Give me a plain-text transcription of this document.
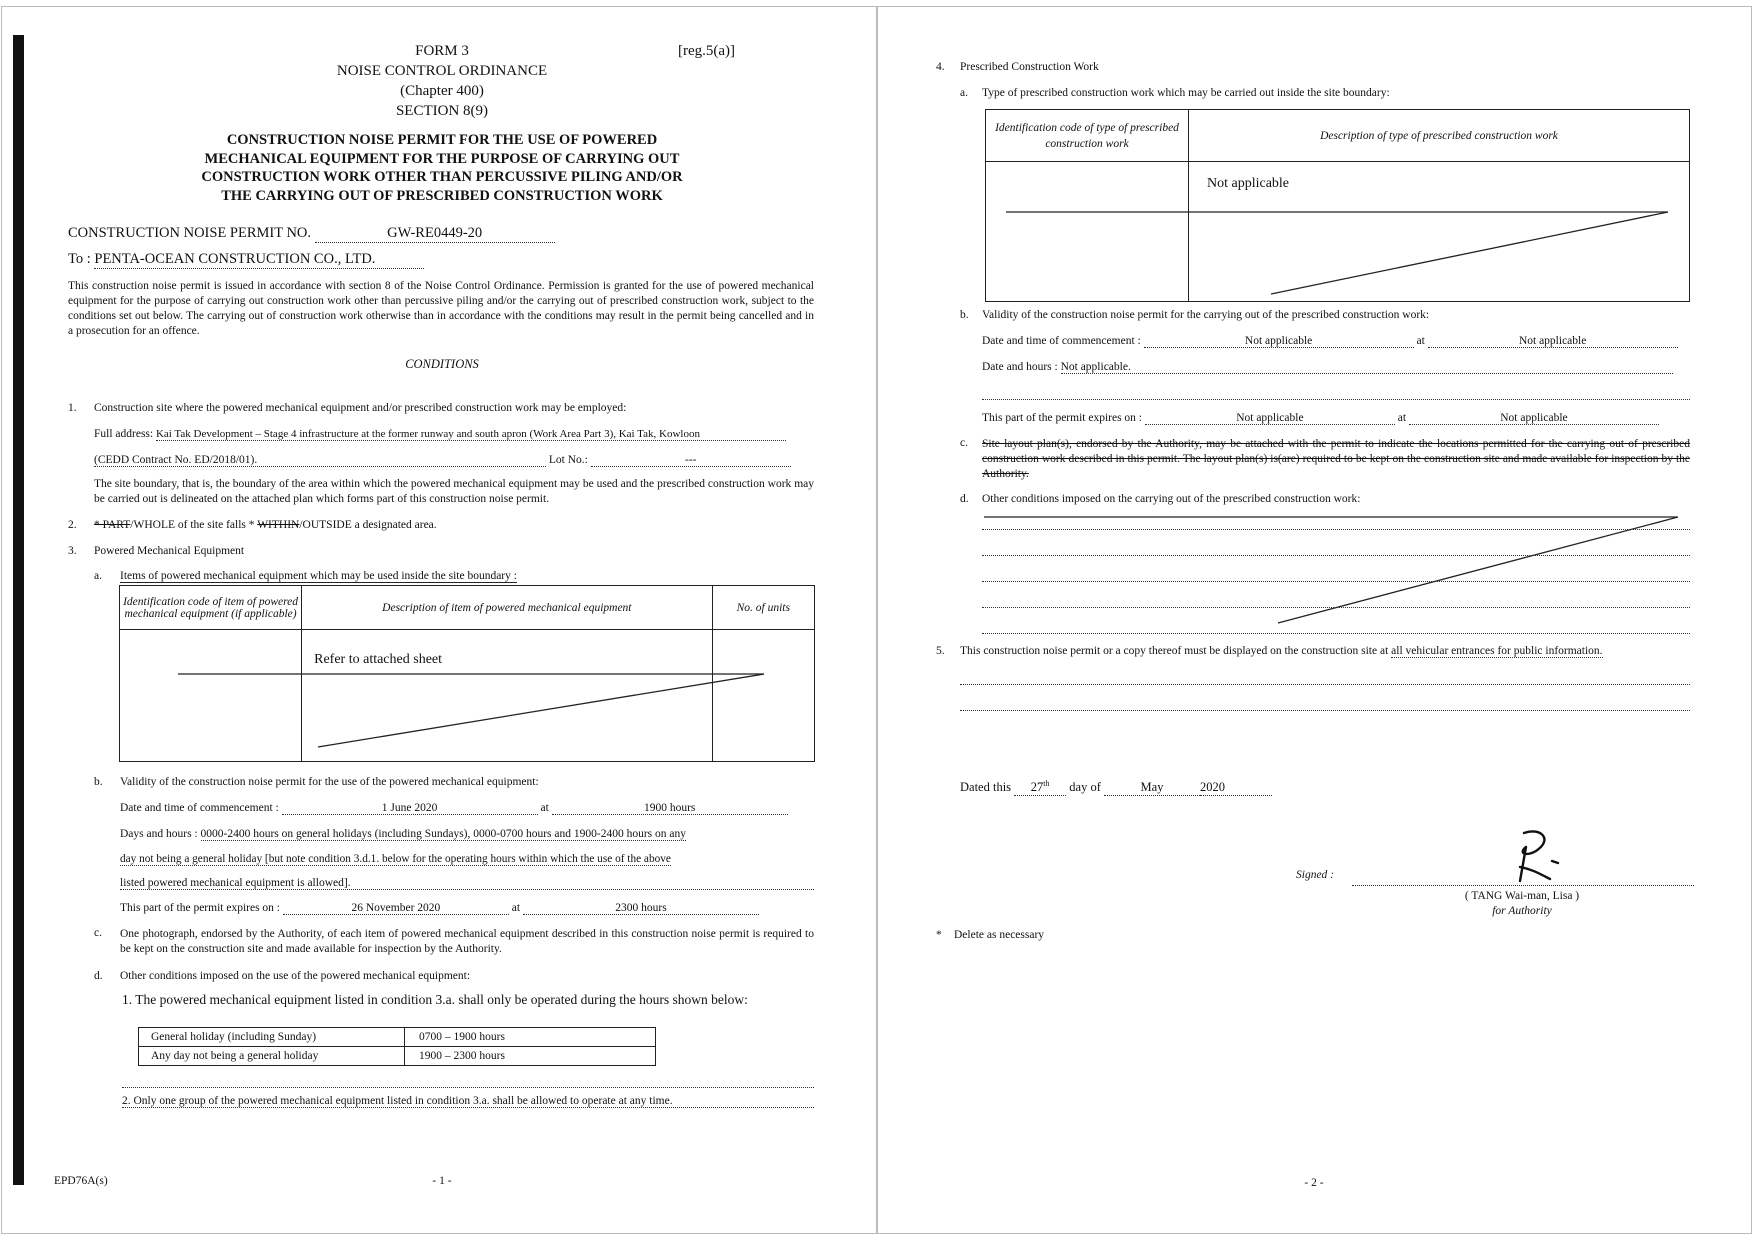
FORM 3	[reg.5(a)]
NOISE CONTROL ORDINANCE
(Chapter 400)
SECTION 8(9)
CONSTRUCTION NOISE PERMIT FOR THE USE OF POWERED
MECHANICAL EQUIPMENT FOR THE PURPOSE OF CARRYING OUT
CONSTRUCTION WORK OTHER THAN PERCUSSIVE PILING AND/OR
THE CARRYING OUT OF PRESCRIBED CONSTRUCTION WORK
CONSTRUCTION NOISE PERMIT NO.	GW-RE0449-20
To : PENTA-OCEAN CONSTRUCTION CO., LTD.
This construction noise permit is issued in accordance with section 8 of the Noise Control Ordinance. Permission is granted for the use of powered mechanical equipment for the purpose of carrying out construction work other than percussive piling and/or the carrying out of prescribed construction work, subject to the conditions set out below. The carrying out of construction work otherwise than in accordance with the conditions may result in the permit being cancelled and in a prosecution for an offence.
CONDITIONS
1. Construction site where the powered mechanical equipment and/or prescribed construction work may be employed:
Full address: Kai Tak Development – Stage 4 infrastructure at the former runway and south apron (Work Area Part 3), Kai Tak, Kowloon
(CEDD Contract No. ED/2018/01).	Lot No.:	---
The site boundary, that is, the boundary of the area within which the powered mechanical equipment may be used and the prescribed construction work may be carried out is delineated on the attached plan which forms part of this construction noise permit.
2. * PART/WHOLE of the site falls * WITHIN/OUTSIDE a designated area.
3. Powered Mechanical Equipment
a. Items of powered mechanical equipment which may be used inside the site boundary :
Identification code of item of powered mechanical equipment (if applicable)	Description of item of powered mechanical equipment	No. of units
	Refer to attached sheet	
b. Validity of the construction noise permit for the use of the powered mechanical equipment:
Date and time of commencement :	1 June 2020	at	1900 hours
Days and hours : 0000-2400 hours on general holidays (including Sundays), 0000-0700 hours and 1900-2400 hours on any
day not being a general holiday [but note condition 3.d.1. below for the operating hours within which the use of the above
listed powered mechanical equipment is allowed].
This part of the permit expires on :	26 November 2020	at	2300 hours
c. One photograph, endorsed by the Authority, of each item of powered mechanical equipment described in this construction noise permit is required to be kept on the construction site and made available for inspection by the Authority.
d. Other conditions imposed on the use of the powered mechanical equipment:
1. The powered mechanical equipment listed in condition 3.a. shall only be operated during the hours shown below:
General holiday (including Sunday)	0700 – 1900 hours
Any day not being a general holiday	1900 – 2300 hours
2. Only one group of the powered mechanical equipment listed in condition 3.a. shall be allowed to operate at any time.
EPD76A(s)	- 1 -
4. Prescribed Construction Work
a. Type of prescribed construction work which may be carried out inside the site boundary:
Identification code of type of prescribed construction work	Description of type of prescribed construction work
	Not applicable
b. Validity of the construction noise permit for the carrying out of the prescribed construction work:
Date and time of commencement :	Not applicable	at	Not applicable
Date and hours : Not applicable.
This part of the permit expires on :	Not applicable	at	Not applicable
c. Site layout plan(s), endorsed by the Authority, may be attached with the permit to indicate the locations permitted for the carrying out of prescribed construction work described in this permit. The layout plan(s) is(are) required to be kept on the construction site and made available for inspection by the Authority.
d. Other conditions imposed on the carrying out of the prescribed construction work:
5. This construction noise permit or a copy thereof must be displayed on the construction site at all vehicular entrances for public information.
Dated this 27th day of	May	2020
Signed :
( TANG Wai-man, Lisa )
for Authority
* Delete as necessary
- 2 -
